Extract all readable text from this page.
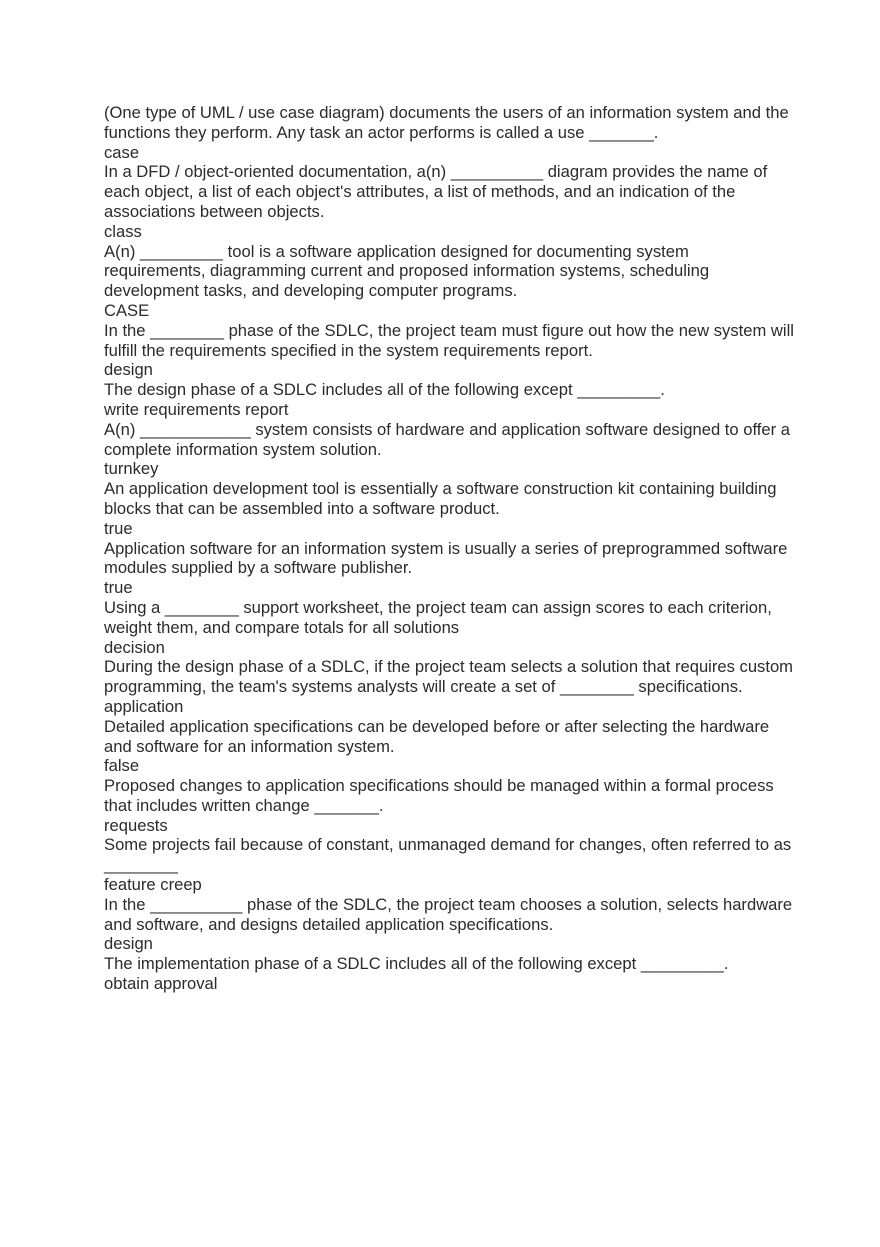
(One type of UML / use case diagram) documents the users of an information system and the functions they perform. Any task an actor performs is called a use _______.
case
In a DFD / object-oriented documentation, a(n) __________ diagram provides the name of each object, a list of each object's attributes, a list of methods, and an indication of the associations between objects.
class
A(n) _________ tool is a software application designed for documenting system requirements, diagramming current and proposed information systems, scheduling development tasks, and developing computer programs.
CASE
In the ________ phase of the SDLC, the project team must figure out how the new system will fulfill the requirements specified in the system requirements report.
design
The design phase of a SDLC includes all of the following except _________.
write requirements report
A(n) ____________ system consists of hardware and application software designed to offer a complete information system solution.
turnkey
An application development tool is essentially a software construction kit containing building blocks that can be assembled into a software product.
true
Application software for an information system is usually a series of preprogrammed software modules supplied by a software publisher.
true
Using a ________ support worksheet, the project team can assign scores to each criterion, weight them, and compare totals for all solutions
decision
During the design phase of a SDLC, if the project team selects a solution that requires custom programming, the team's systems analysts will create a set of ________ specifications.
application
Detailed application specifications can be developed before or after selecting the hardware and software for an information system.
false
Proposed changes to application specifications should be managed within a formal process that includes written change _______.
requests
Some projects fail because of constant, unmanaged demand for changes, often referred to as ________
feature creep
In the __________ phase of the SDLC, the project team chooses a solution, selects hardware and software, and designs detailed application specifications.
design
The implementation phase of a SDLC includes all of the following except _________.
obtain approval
